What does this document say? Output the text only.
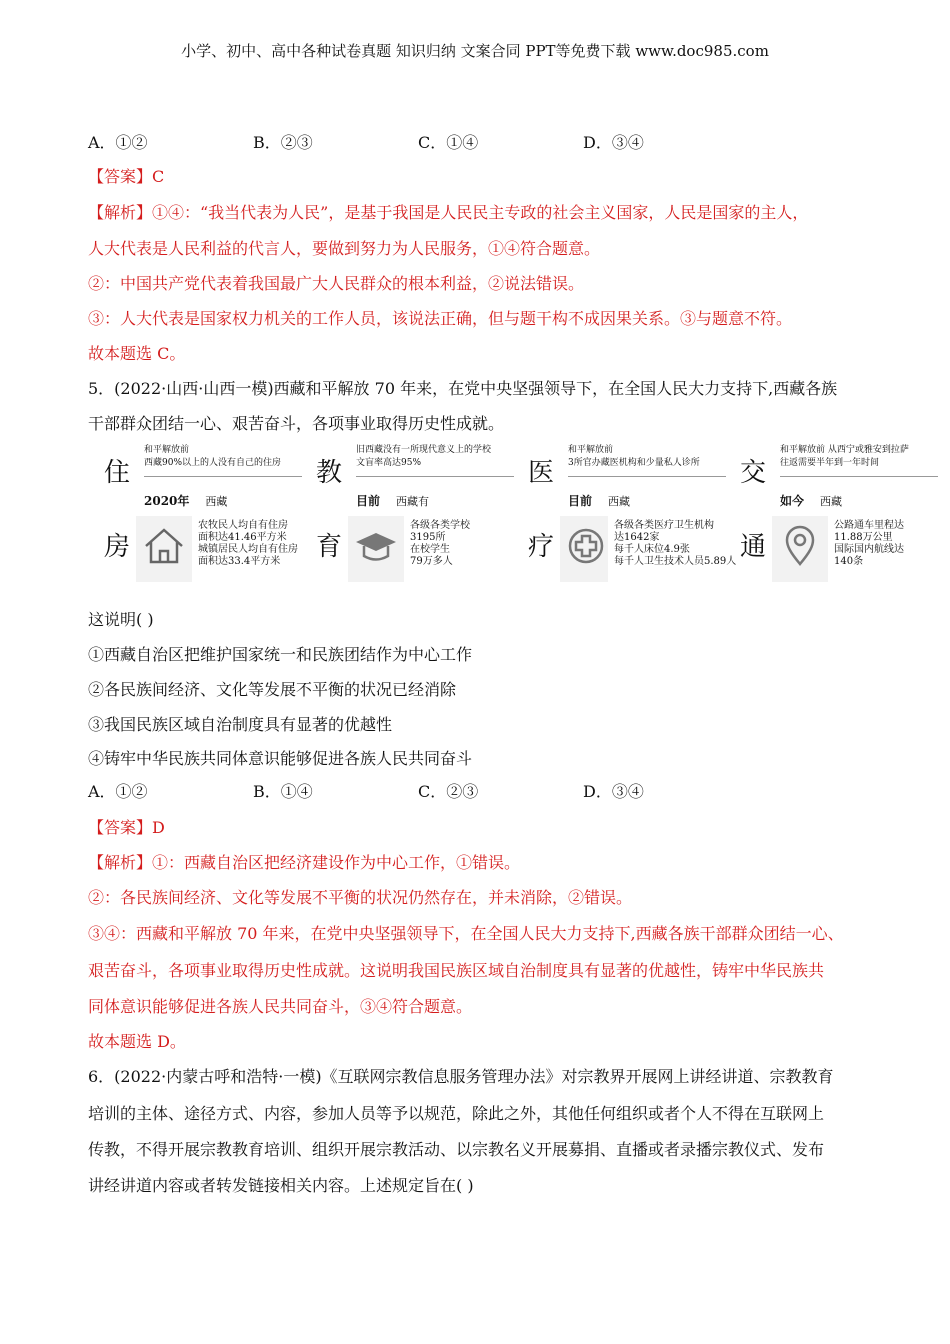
小学、初中、高中各种试卷真题 知识归纳 文案合同 PPT等免费下载 www.doc985.com
A．①②	B．②③	C．①④	D．③④
【答案】C
【解析】①④：“我当代表为人民”，是基于我国是人民民主专政的社会主义国家，人民是国家的主人，
人大代表是人民利益的代言人，要做到努力为人民服务，①④符合题意。
②：中国共产党代表着我国最广大人民群众的根本利益，②说法错误。
③：人大代表是国家权力机关的工作人员，该说法正确，但与题干构不成因果关系。③与题意不符。
故本题选 C。
5．(2022·山西·山西一模)西藏和平解放 70 年来，在党中央坚强领导下，在全国人民大力支持下,西藏各族
干部群众团结一心、艰苦奋斗，各项事业取得历史性成就。
住
房
和平解放前
西藏90%以上的人没有自己的住房
2020年 西藏
农牧民人均自有住房
面积达41.46平方米
城镇居民人均自有住房
面积达33.4平方米
教
育
旧西藏没有一所现代意义上的学校
文盲率高达95%
目前 西藏有
各级各类学校
3195所
在校学生
79万多人
医
疗
和平解放前
3所官办藏医机构和少量私人诊所
目前 西藏
各级各类医疗卫生机构
达1642家
每千人床位4.9张
每千人卫生技术人员5.89人
交
通
和平解放前 从西宁或雅安到拉萨
往返需要半年到一年时间
如今 西藏
公路通车里程达
11.88万公里
国际国内航线达
140条
这说明( )
①西藏自治区把维护国家统一和民族团结作为中心工作
②各民族间经济、文化等发展不平衡的状况已经消除
③我国民族区域自治制度具有显著的优越性
④铸牢中华民族共同体意识能够促进各族人民共同奋斗
A．①②	B．①④	C．②③	D．③④
【答案】D
【解析】①：西藏自治区把经济建设作为中心工作，①错误。
②：各民族间经济、文化等发展不平衡的状况仍然存在，并未消除，②错误。
③④：西藏和平解放 70 年来，在党中央坚强领导下，在全国人民大力支持下,西藏各族干部群众团结一心、
艰苦奋斗，各项事业取得历史性成就。这说明我国民族区域自治制度具有显著的优越性，铸牢中华民族共
同体意识能够促进各族人民共同奋斗，③④符合题意。
故本题选 D。
6．(2022·内蒙古呼和浩特·一模)《互联网宗教信息服务管理办法》对宗教界开展网上讲经讲道、宗教教育
培训的主体、途径方式、内容，参加人员等予以规范，除此之外，其他任何组织或者个人不得在互联网上
传教，不得开展宗教教育培训、组织开展宗教活动、以宗教名义开展募捐、直播或者录播宗教仪式、发布
讲经讲道内容或者转发链接相关内容。上述规定旨在( )
